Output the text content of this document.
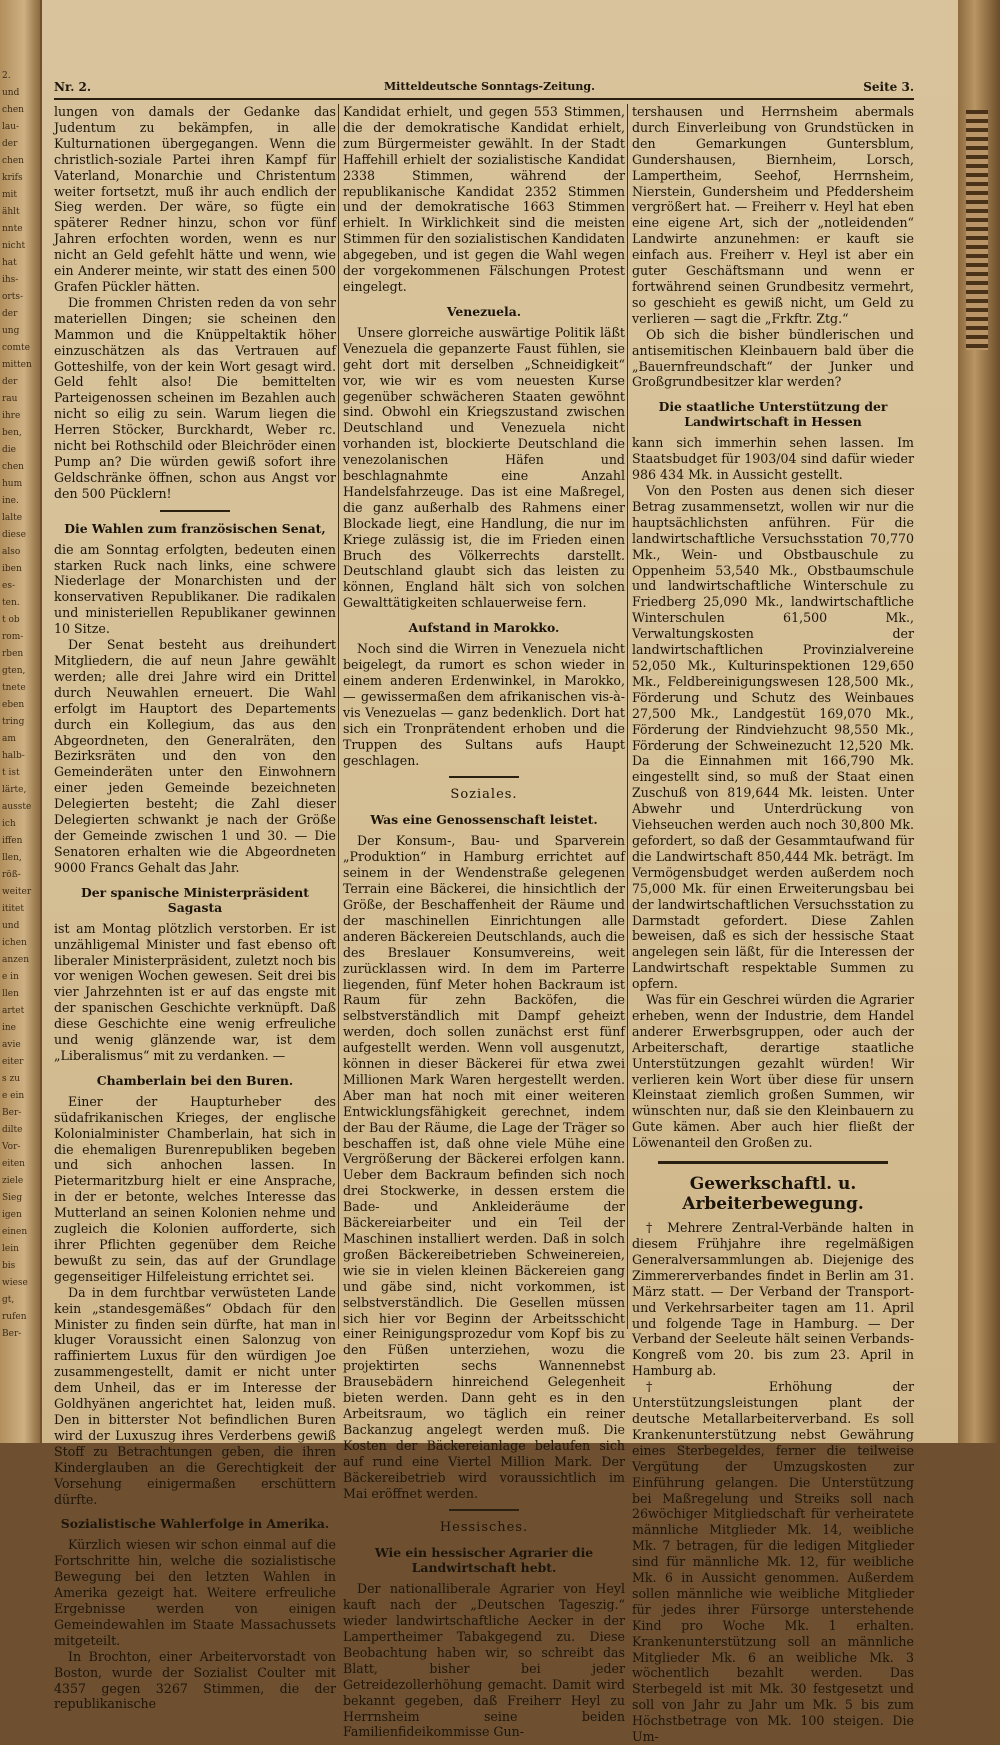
2.
und
chen
lau-
der
chen
krifs
mit
ählt
nnte
nicht
hat
ihs-
orts-
der
ung
comte
mitten
der
rau
ihre
ben,
die
chen
hum
ine.
lalte
diese
also
iben
es-
ten.
t ob
rom-
rben
gten,
tnete
eben
tring
am
halb-
t ist
lärte,
ausste
ich
iffen
llen,
röß-
weiter
ititet
und
ichen
anzen
e in
llen
artet
ine
avie
eiter
s zu
e ein
Ber-
dilte
Vor-
eiten
ziele
Sieg
igen
einen
lein
bis
wiese
gt,
rufen
Ber-
Nr. 2.	Mitteldeutsche Sonntags-Zeitung.	Seite 3.

lungen von damals der Gedanke das Judentum zu bekämpfen, in alle Kulturnationen übergegangen. Wenn die christlich-soziale Partei ihren Kampf für Vaterland, Monarchie und Christentum weiter fortsetzt, muß ihr auch endlich der Sieg werden. Der wäre, so fügte ein späterer Redner hinzu, schon vor fünf Jahren erfochten worden, wenn es nur nicht an Geld gefehlt hätte und wenn, wie ein Anderer meinte, wir statt des einen 500 Grafen Pückler hätten.

Die frommen Christen reden da von sehr materiellen Dingen; sie scheinen den Mammon und die Knüppeltaktik höher einzuschätzen als das Vertrauen auf Gotteshilfe, von der kein Wort gesagt wird. Geld fehlt also! Die bemittelten Parteigenossen scheinen im Bezahlen auch nicht so eilig zu sein. Warum liegen die Herren Stöcker, Burckhardt, Weber rc. nicht bei Rothschild oder Bleichröder einen Pump an? Die würden gewiß sofort ihre Geldschränke öffnen, schon aus Angst vor den 500 Pücklern!

Die Wahlen zum französischen Senat,

die am Sonntag erfolgten, bedeuten einen starken Ruck nach links, eine schwere Niederlage der Monarchisten und der konservativen Republikaner. Die radikalen und ministeriellen Republikaner gewinnen 10 Sitze.

Der Senat besteht aus dreihundert Mitgliedern, die auf neun Jahre gewählt werden; alle drei Jahre wird ein Drittel durch Neuwahlen erneuert. Die Wahl erfolgt im Hauptort des Departements durch ein Kollegium, das aus den Abgeordneten, den Generalräten, den Bezirksräten und den von den Gemeinderäten unter den Einwohnern einer jeden Gemeinde bezeichneten Delegierten besteht; die Zahl dieser Delegierten schwankt je nach der Größe der Gemeinde zwischen 1 und 30. — Die Senatoren erhalten wie die Abgeordneten 9000 Francs Gehalt das Jahr.

Der spanische Ministerpräsident Sagasta

ist am Montag plötzlich verstorben. Er ist unzähligemal Minister und fast ebenso oft liberaler Ministerpräsident, zuletzt noch bis vor wenigen Wochen gewesen. Seit drei bis vier Jahrzehnten ist er auf das engste mit der spanischen Geschichte verknüpft. Daß diese Geschichte eine wenig erfreuliche und wenig glänzende war, ist dem „Liberalismus“ mit zu verdanken. —

Chamberlain bei den Buren.

Einer der Haupturheber des südafrikanischen Krieges, der englische Kolonialminister Chamberlain, hat sich in die ehemaligen Burenrepubliken begeben und sich anhochen lassen. In Pietermaritzburg hielt er eine Ansprache, in der er betonte, welches Interesse das Mutterland an seinen Kolonien nehme und zugleich die Kolonien aufforderte, sich ihrer Pflichten gegenüber dem Reiche bewußt zu sein, das auf der Grundlage gegenseitiger Hilfeleistung errichtet sei.

Da in dem furchtbar verwüsteten Lande kein „standesgemäßes“ Obdach für den Minister zu finden sein dürfte, hat man in kluger Voraussicht einen Salonzug von raffiniertem Luxus für den würdigen Joe zusammengestellt, damit er nicht unter dem Unheil, das er im Interesse der Goldhyänen angerichtet hat, leiden muß. Den in bitterster Not befindlichen Buren wird der Luxuszug ihres Verderbens gewiß Stoff zu Betrachtungen geben, die ihren Kinderglauben an die Gerechtigkeit der Vorsehung einigermaßen erschüttern dürfte.

Sozialistische Wahlerfolge in Amerika.

Kürzlich wiesen wir schon einmal auf die Fortschritte hin, welche die sozialistische Bewegung bei den letzten Wahlen in Amerika gezeigt hat. Weitere erfreuliche Ergebnisse werden von einigen Gemeindewahlen im Staate Massachussets mitgeteilt.

In Brochton, einer Arbeitervorstadt von Boston, wurde der Sozialist Coulter mit 4357 gegen 3267 Stimmen, die der republikanische

Kandidat erhielt, und gegen 553 Stimmen, die der demokratische Kandidat erhielt, zum Bürgermeister gewählt. In der Stadt Haffehill erhielt der sozialistische Kandidat 2338 Stimmen, während der republikanische Kandidat 2352 Stimmen und der demokratische 1663 Stimmen erhielt. In Wirklichkeit sind die meisten Stimmen für den sozialistischen Kandidaten abgegeben, und ist gegen die Wahl wegen der vorgekommenen Fälschungen Protest eingelegt.

Venezuela.

Unsere glorreiche auswärtige Politik läßt Venezuela die gepanzerte Faust fühlen, sie geht dort mit derselben „Schneidigkeit“ vor, wie wir es vom neuesten Kurse gegenüber schwächeren Staaten gewöhnt sind. Obwohl ein Kriegszustand zwischen Deutschland und Venezuela nicht vorhanden ist, blockierte Deutschland die venezolanischen Häfen und beschlagnahmte eine Anzahl Handelsfahrzeuge. Das ist eine Maßregel, die ganz außerhalb des Rahmens einer Blockade liegt, eine Handlung, die nur im Kriege zulässig ist, die im Frieden einen Bruch des Völkerrechts darstellt. Deutschland glaubt sich das leisten zu können, England hält sich von solchen Gewalttätigkeiten schlauerweise fern.

Aufstand in Marokko.

Noch sind die Wirren in Venezuela nicht beigelegt, da rumort es schon wieder in einem anderen Erdenwinkel, in Marokko, — gewissermaßen dem afrikanischen vis-à-vis Venezuelas — ganz bedenklich. Dort hat sich ein Tronprätendent erhoben und die Truppen des Sultans aufs Haupt geschlagen.

Soziales.
Was eine Genossenschaft leistet.

Der Konsum-, Bau- und Sparverein „Produktion“ in Hamburg errichtet auf seinem in der Wendenstraße gelegenen Terrain eine Bäckerei, die hinsichtlich der Größe, der Beschaffenheit der Räume und der maschinellen Einrichtungen alle anderen Bäckereien Deutschlands, auch die des Breslauer Konsumvereins, weit zurücklassen wird. In dem im Parterre liegenden, fünf Meter hohen Backraum ist Raum für zehn Backöfen, die selbstverständlich mit Dampf geheizt werden, doch sollen zunächst erst fünf aufgestellt werden. Wenn voll ausgenutzt, können in dieser Bäckerei für etwa zwei Millionen Mark Waren hergestellt werden. Aber man hat noch mit einer weiteren Entwicklungsfähigkeit gerechnet, indem der Bau der Räume, die Lage der Träger so beschaffen ist, daß ohne viele Mühe eine Vergrößerung der Bäckerei erfolgen kann. Ueber dem Backraum befinden sich noch drei Stockwerke, in dessen erstem die Bade- und Ankleideräume der Bäckereiarbeiter und ein Teil der Maschinen installiert werden. Daß in solch großen Bäckereibetrieben Schweinereien, wie sie in vielen kleinen Bäckereien gang und gäbe sind, nicht vorkommen, ist selbstverständlich. Die Gesellen müssen sich hier vor Beginn der Arbeitsschicht einer Reinigungsprozedur vom Kopf bis zu den Füßen unterziehen, wozu die projektirten sechs Wannennebst Brausebädern hinreichend Gelegenheit bieten werden. Dann geht es in den Arbeitsraum, wo täglich ein reiner Backanzug angelegt werden muß. Die Kosten der Bäckereianlage belaufen sich auf rund eine Viertel Million Mark. Der Bäckereibetrieb wird voraussichtlich im Mai eröffnet werden.

Hessisches.
Wie ein hessischer Agrarier die Landwirtschaft hebt.

Der nationalliberale Agrarier von Heyl kauft nach der „Deutschen Tageszig.“ wieder landwirtschaftliche Aecker in der Lampertheimer Tabakgegend zu. Diese Beobachtung haben wir, so schreibt das Blatt, bisher bei jeder Getreidezollerhöhung gemacht. Damit wird bekannt gegeben, daß Freiherr Heyl zu Herrnsheim seine beiden Familienfideikommisse Gun-

tershausen und Herrnsheim abermals durch Einverleibung von Grundstücken in den Gemarkungen Guntersblum, Gundershausen, Biernheim, Lorsch, Lampertheim, Seehof, Herrnsheim, Nierstein, Gundersheim und Pfeddersheim vergrößert hat. — Freiherr v. Heyl hat eben eine eigene Art, sich der „notleidenden“ Landwirte anzunehmen: er kauft sie einfach aus. Freiherr v. Heyl ist aber ein guter Geschäftsmann und wenn er fortwährend seinen Grundbesitz vermehrt, so geschieht es gewiß nicht, um Geld zu verlieren — sagt die „Frkftr. Ztg.“

Ob sich die bisher bündlerischen und antisemitischen Kleinbauern bald über die „Bauernfreundschaft“ der Junker und Großgrundbesitzer klar werden?

Die staatliche Unterstützung der Landwirtschaft in Hessen

kann sich immerhin sehen lassen. Im Staatsbudget für 1903/04 sind dafür wieder 986 434 Mk. in Aussicht gestellt.

Von den Posten aus denen sich dieser Betrag zusammensetzt, wollen wir nur die hauptsächlichsten anführen. Für die landwirtschaftliche Versuchsstation 70,770 Mk., Wein- und Obstbauschule zu Oppenheim 53,540 Mk., Obstbaumschule und landwirtschaftliche Winterschule zu Friedberg 25,090 Mk., landwirtschaftliche Winterschulen 61,500 Mk., Verwaltungskosten der landwirtschaftlichen Provinzialvereine 52,050 Mk., Kulturinspektionen 129,650 Mk., Feldbereinigungswesen 128,500 Mk., Förderung und Schutz des Weinbaues 27,500 Mk., Landgestüt 169,070 Mk., Förderung der Rindviehzucht 98,550 Mk., Förderung der Schweinezucht 12,520 Mk. Da die Einnahmen mit 166,790 Mk. eingestellt sind, so muß der Staat einen Zuschuß von 819,644 Mk. leisten. Unter Abwehr und Unterdrückung von Viehseuchen werden auch noch 30,800 Mk. gefordert, so daß der Gesammtaufwand für die Landwirtschaft 850,444 Mk. beträgt. Im Vermögensbudget werden außerdem noch 75,000 Mk. für einen Erweiterungsbau bei der landwirtschaftlichen Versuchsstation zu Darmstadt gefordert. Diese Zahlen beweisen, daß es sich der hessische Staat angelegen sein läßt, für die Interessen der Landwirtschaft respektable Summen zu opfern.

Was für ein Geschrei würden die Agrarier erheben, wenn der Industrie, dem Handel anderer Erwerbsgruppen, oder auch der Arbeiterschaft, derartige staatliche Unterstützungen gezahlt würden! Wir verlieren kein Wort über diese für unsern Kleinstaat ziemlich großen Summen, wir wünschten nur, daß sie den Kleinbauern zu Gute kämen. Aber auch hier fließt der Löwenanteil den Großen zu.

Gewerkschaftl. u. Arbeiterbewegung.

† Mehrere Zentral-Verbände halten in diesem Frühjahre ihre regelmäßigen Generalversammlungen ab. Diejenige des Zimmererverbandes findet in Berlin am 31. März statt. — Der Verband der Transport- und Verkehrsarbeiter tagen am 11. April und folgende Tage in Hamburg. — Der Verband der Seeleute hält seinen Verbands-Kongreß vom 20. bis zum 23. April in Hamburg ab.

† Erhöhung der Unterstützungsleistungen plant der deutsche Metallarbeiterverband. Es soll Krankenunterstützung nebst Gewährung eines Sterbegeldes, ferner die teilweise Vergütung der Umzugskosten zur Einführung gelangen. Die Unterstützung bei Maßregelung und Streiks soll nach 26wöchiger Mitgliedschaft für verheiratete männliche Mitglieder Mk. 14, weibliche Mk. 7 betragen, für die ledigen Mitglieder sind für männliche Mk. 12, für weibliche Mk. 6 in Aussicht genommen. Außerdem sollen männliche wie weibliche Mitglieder für jedes ihrer Fürsorge unterstehende Kind pro Woche Mk. 1 erhalten. Krankenunterstützung soll an männliche Mitglieder Mk. 6 an weibliche Mk. 3 wöchentlich bezahlt werden. Das Sterbegeld ist mit Mk. 30 festgesetzt und soll von Jahr zu Jahr um Mk. 5 bis zum Höchstbetrage von Mk. 100 steigen. Die Um-
